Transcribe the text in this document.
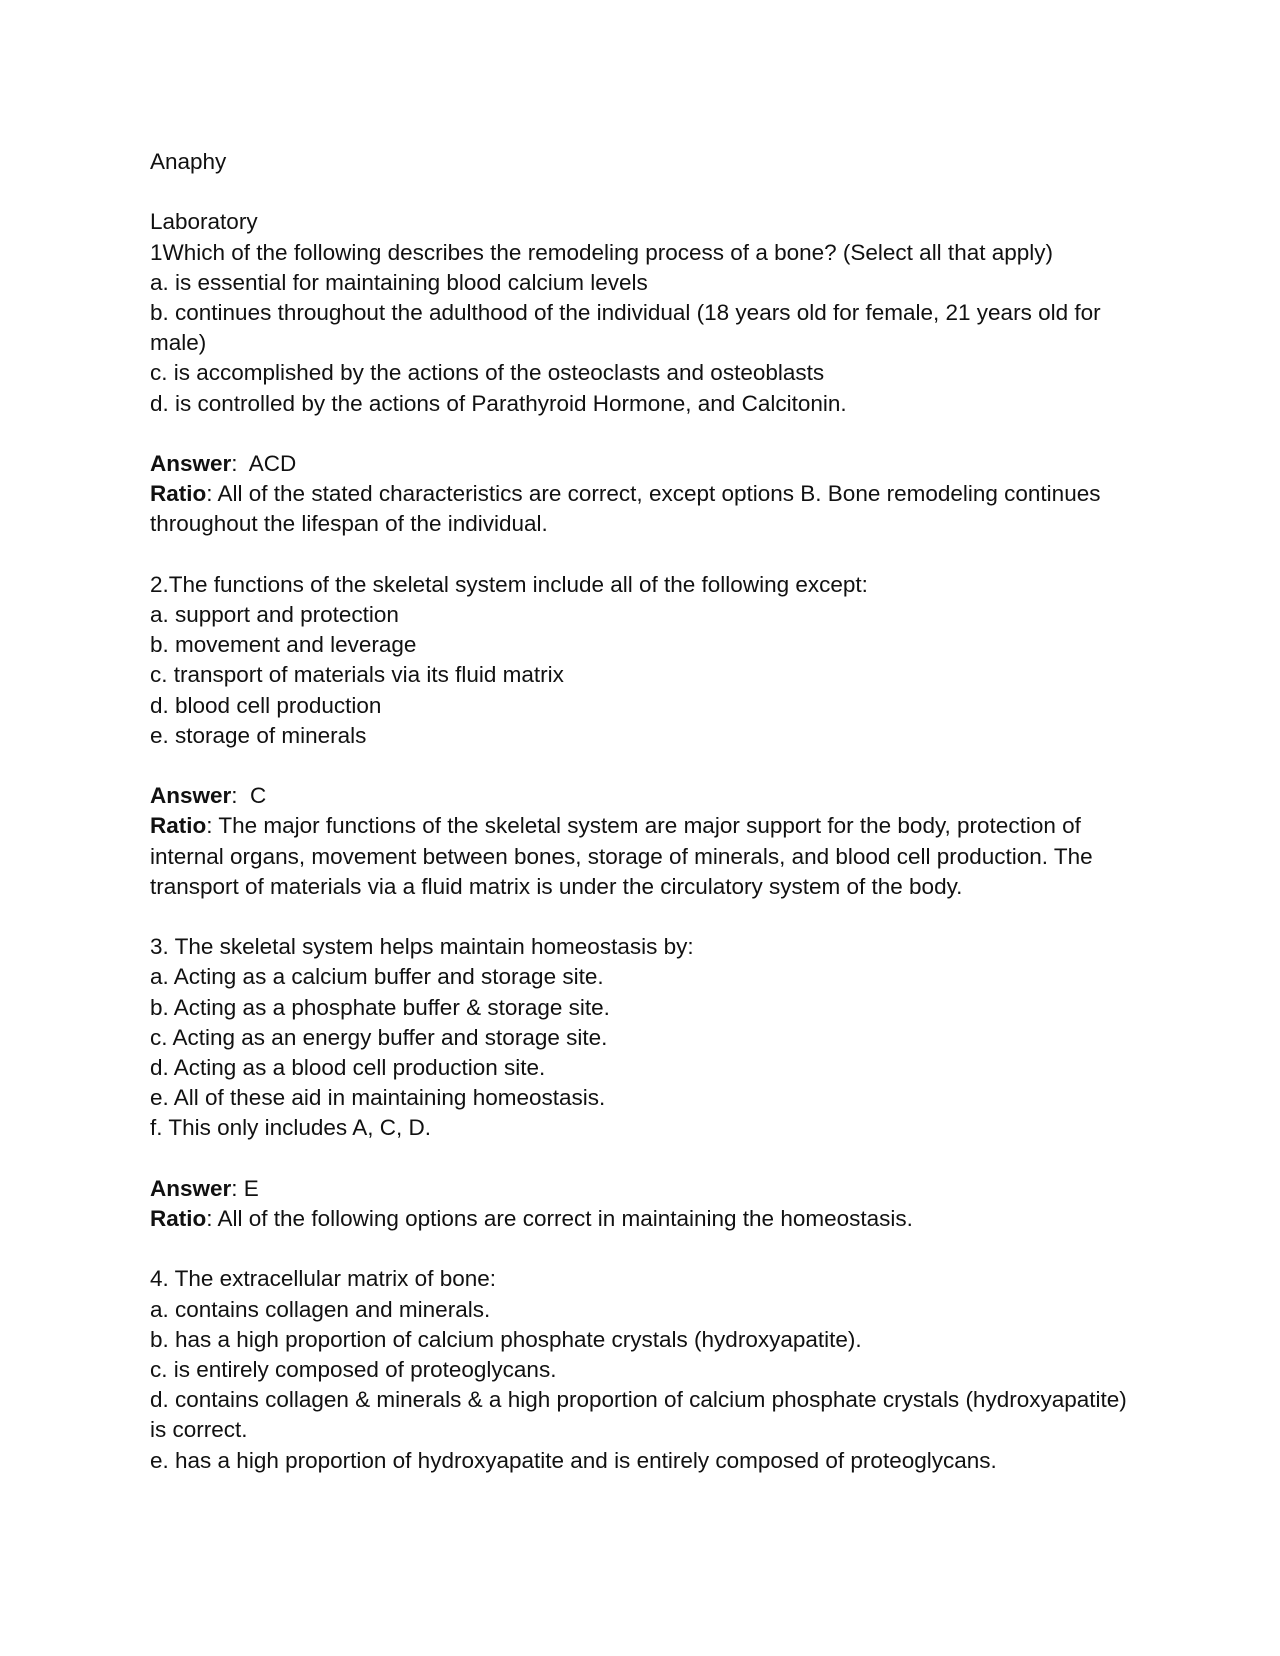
Anaphy
Laboratory
1Which of the following describes the remodeling process of a bone? (Select all that apply)
a. is essential for maintaining blood calcium levels
b. continues throughout the adulthood of the individual (18 years old for female, 21 years old for male)
c. is accomplished by the actions of the osteoclasts and osteoblasts
d. is controlled by the actions of Parathyroid Hormone, and Calcitonin.
Answer:  ACD
Ratio: All of the stated characteristics are correct, except options B. Bone remodeling continues throughout the lifespan of the individual.
2.The functions of the skeletal system include all of the following except:
a. support and protection
b. movement and leverage
c. transport of materials via its fluid matrix
d. blood cell production
e. storage of minerals
Answer:  C
Ratio: The major functions of the skeletal system are major support for the body, protection of internal organs, movement between bones, storage of minerals, and blood cell production. The transport of materials via a fluid matrix is under the circulatory system of the body.
3. The skeletal system helps maintain homeostasis by:
a. Acting as a calcium buffer and storage site.
b. Acting as a phosphate buffer & storage site.
c. Acting as an energy buffer and storage site.
d. Acting as a blood cell production site.
e. All of these aid in maintaining homeostasis.
f. This only includes A, C, D.
Answer: E
Ratio: All of the following options are correct in maintaining the homeostasis.
4. The extracellular matrix of bone:
a. contains collagen and minerals.
b. has a high proportion of calcium phosphate crystals (hydroxyapatite).
c. is entirely composed of proteoglycans.
d. contains collagen & minerals & a high proportion of calcium phosphate crystals (hydroxyapatite) is correct.
e. has a high proportion of hydroxyapatite and is entirely composed of proteoglycans.
